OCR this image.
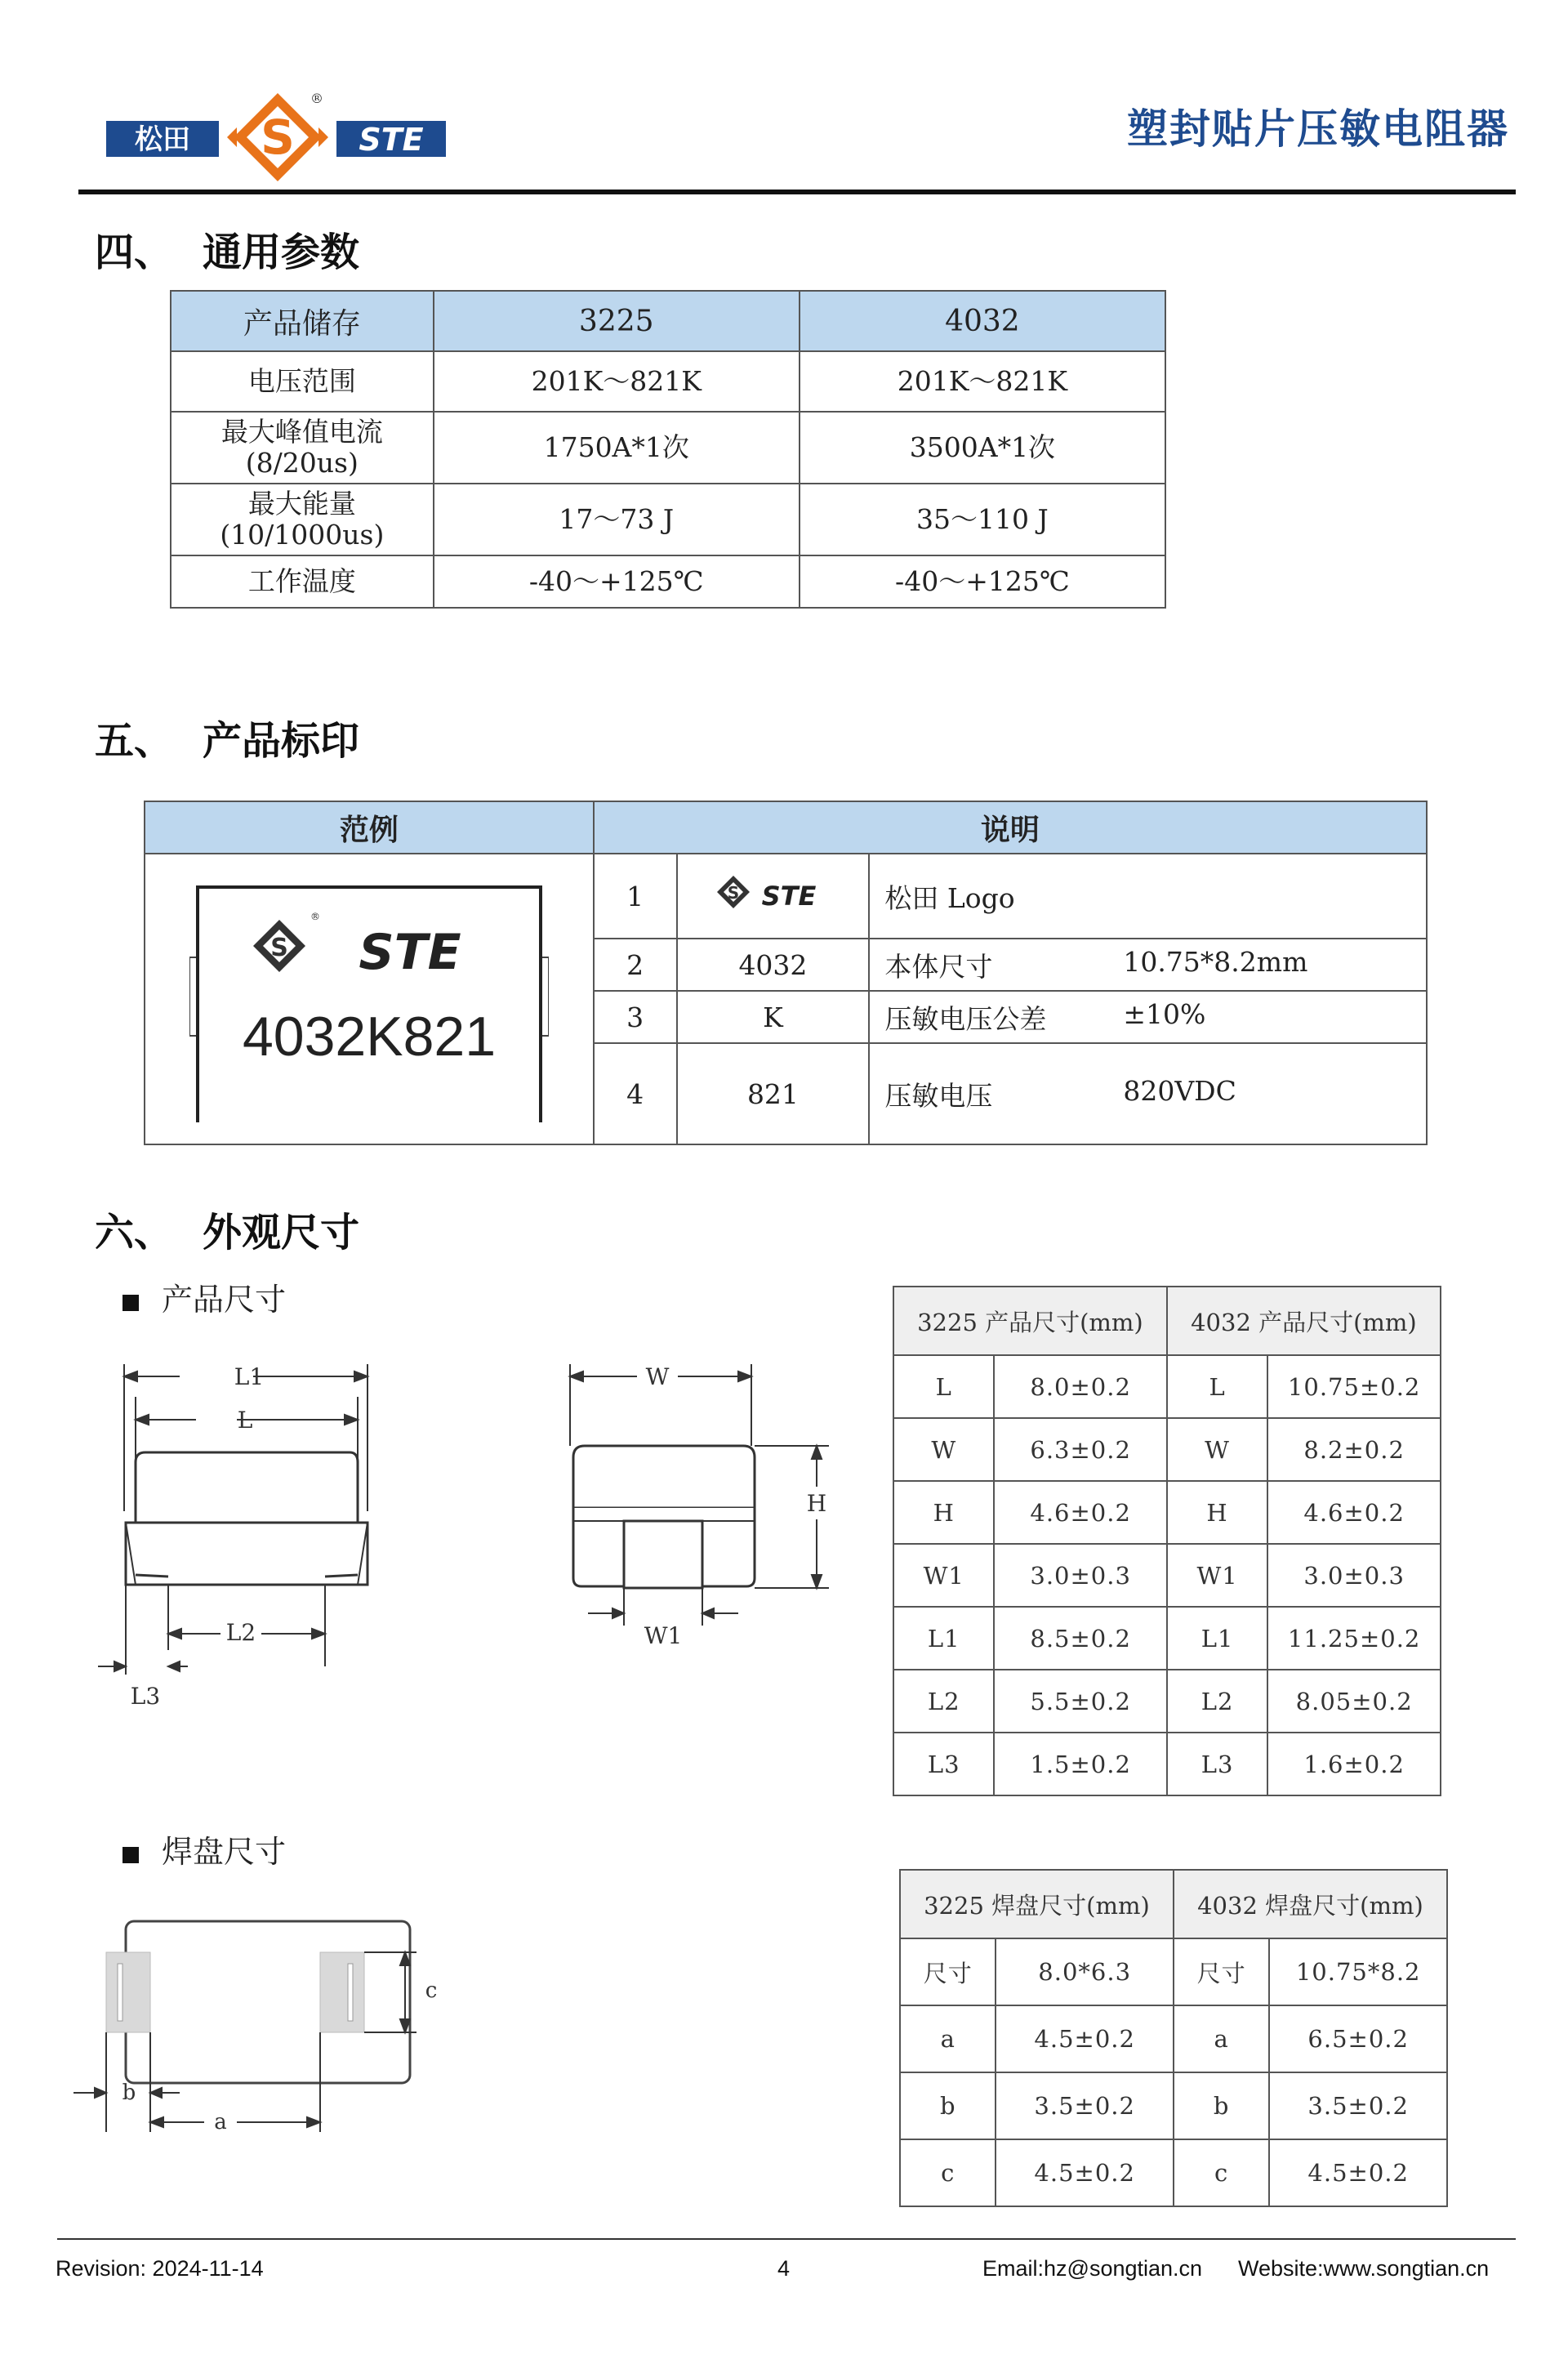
松田 S
®
STE	塑封贴片压敏电阻器
四、 通用参数
产品储存	3225	4032
电压范围	201K～821K	201K～821K

最大峰值电流
(8/20us)	1750A*1次	3500A*1次

最大能量
(10/1000us)	17～73 J	35～110 J
工作温度	-40～+125℃	-40～+125℃
五、 产品标印
范例	说明		

S
®
STE
4032K821	1	S STE	松田 Logo
	2	4032	本体尺寸 10.75*8.2mm

	3	K	压敏电压公差 ±10%

	4	821	压敏电压 820VDC
六、 外观尺寸
产品尺寸
L1
L
L2
L3
W
H
W1
3225 产品尺寸(mm)		4032 产品尺寸(mm)	
L	8.0±0.2	L	10.75±0.2
W	6.3±0.2	W	8.2±0.2
H	4.6±0.2	H	4.6±0.2
W1	3.0±0.3	W1	3.0±0.3
L1	8.5±0.2	L1	11.25±0.2
L2	5.5±0.2	L2	8.05±0.2
L3	1.5±0.2	L3	1.6±0.2
焊盘尺寸
b
a
c
3225 焊盘尺寸(mm)		4032 焊盘尺寸(mm)	
尺寸	8.0*6.3	尺寸	10.75*8.2
a	4.5±0.2	a	6.5±0.2
b	3.5±0.2	b	3.5±0.2
c	4.5±0.2	c	4.5±0.2
Revision: 2024-11-14	4	Email:hz@songtian.cn Website:www.songtian.cn
